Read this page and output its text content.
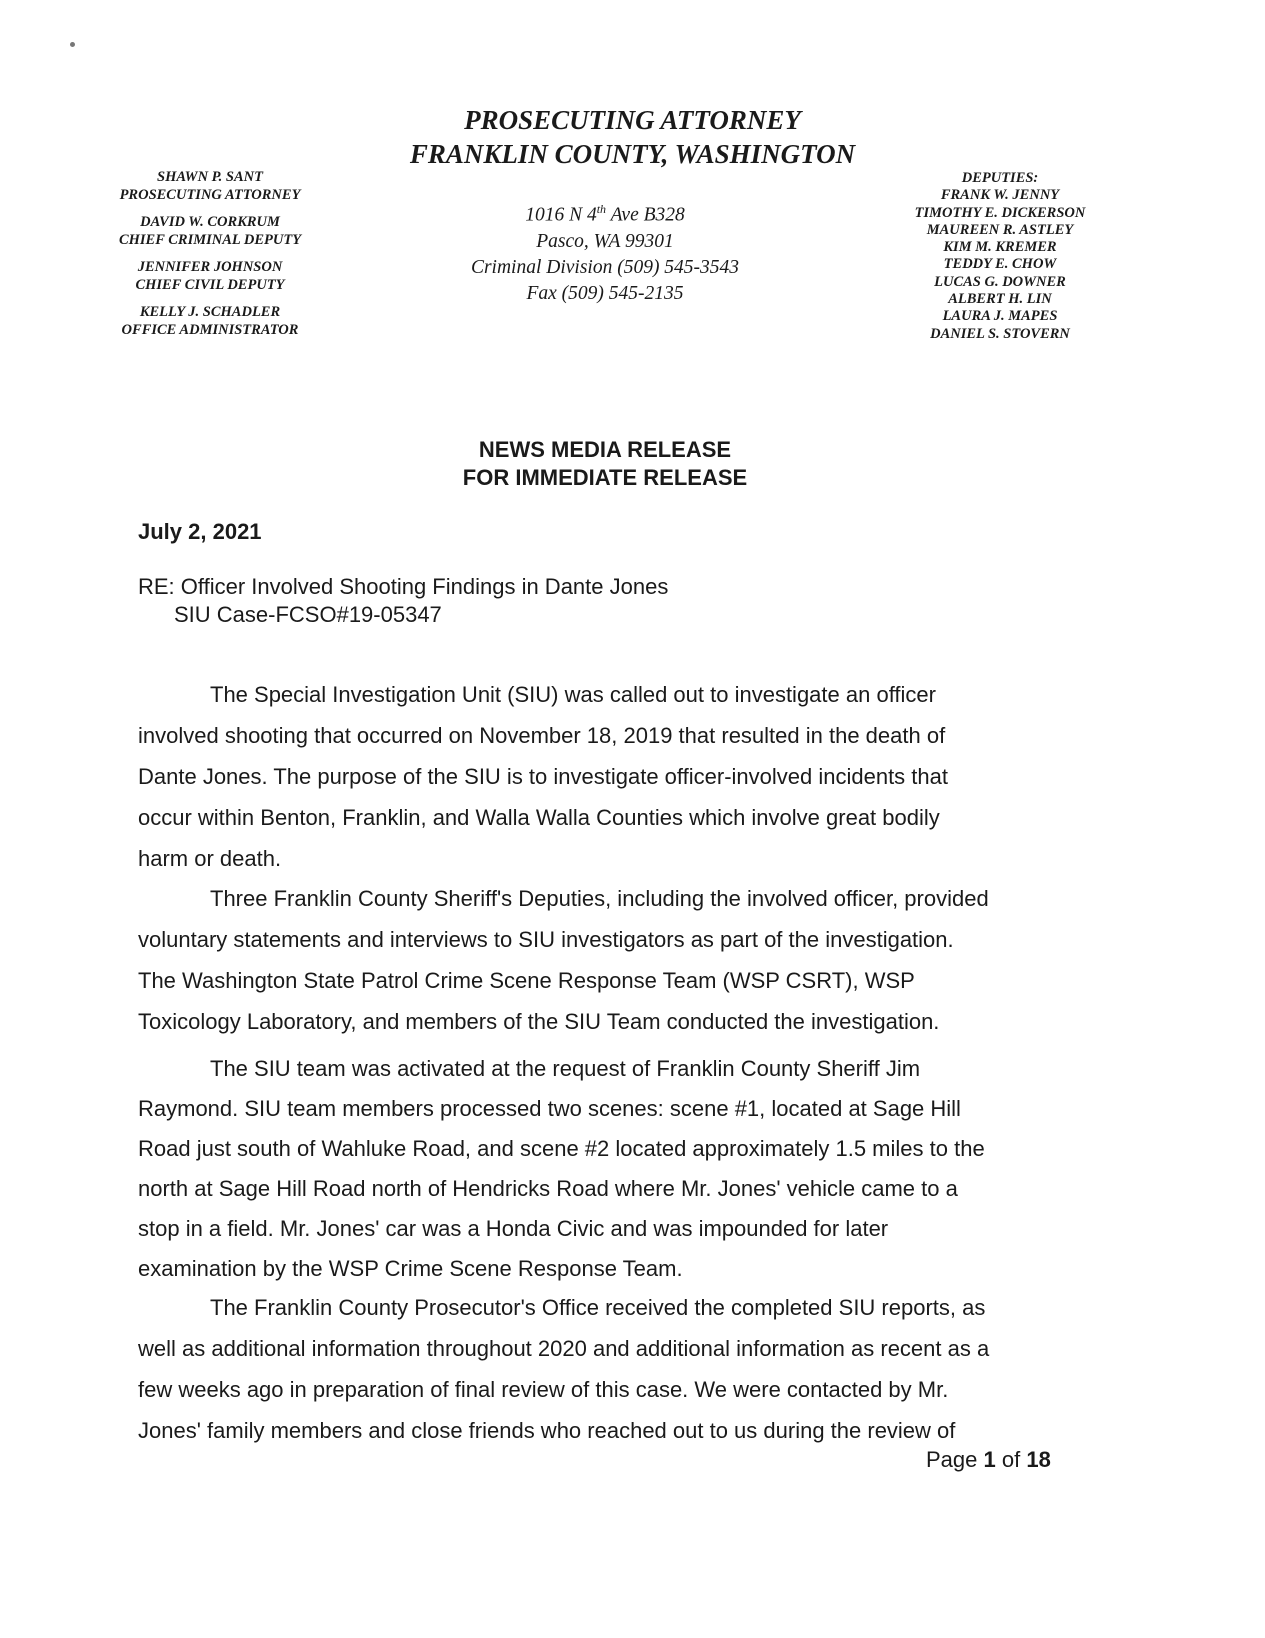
PROSECUTING ATTORNEY
FRANKLIN COUNTY, WASHINGTON
SHAWN P. SANT
PROSECUTING ATTORNEY
DAVID W. CORKRUM
CHIEF CRIMINAL DEPUTY
JENNIFER JOHNSON
CHIEF CIVIL DEPUTY
KELLY J. SCHADLER
OFFICE ADMINISTRATOR
1016 N 4th Ave B328
Pasco, WA 99301
Criminal Division (509) 545-3543
Fax (509) 545-2135
DEPUTIES:
FRANK W. JENNY
TIMOTHY E. DICKERSON
MAUREEN R. ASTLEY
KIM M. KREMER
TEDDY E. CHOW
LUCAS G. DOWNER
ALBERT H. LIN
LAURA J. MAPES
DANIEL S. STOVERN
NEWS MEDIA RELEASE
FOR IMMEDIATE RELEASE
July 2, 2021
RE: Officer Involved Shooting Findings in Dante Jones
SIU Case-FCSO#19-05347
The Special Investigation Unit (SIU) was called out to investigate an officer
involved shooting that occurred on November 18, 2019 that resulted in the death of
Dante Jones. The purpose of the SIU is to investigate officer-involved incidents that
occur within Benton, Franklin, and Walla Walla Counties which involve great bodily
harm or death.
Three Franklin County Sheriff's Deputies, including the involved officer, provided
voluntary statements and interviews to SIU investigators as part of the investigation.
The Washington State Patrol Crime Scene Response Team (WSP CSRT), WSP
Toxicology Laboratory, and members of the SIU Team conducted the investigation.
The SIU team was activated at the request of Franklin County Sheriff Jim
Raymond. SIU team members processed two scenes: scene #1, located at Sage Hill
Road just south of Wahluke Road, and scene #2 located approximately 1.5 miles to the
north at Sage Hill Road north of Hendricks Road where Mr. Jones' vehicle came to a
stop in a field. Mr. Jones' car was a Honda Civic and was impounded for later
examination by the WSP Crime Scene Response Team.
The Franklin County Prosecutor's Office received the completed SIU reports, as
well as additional information throughout 2020 and additional information as recent as a
few weeks ago in preparation of final review of this case. We were contacted by Mr.
Jones' family members and close friends who reached out to us during the review of
Page 1 of 18
